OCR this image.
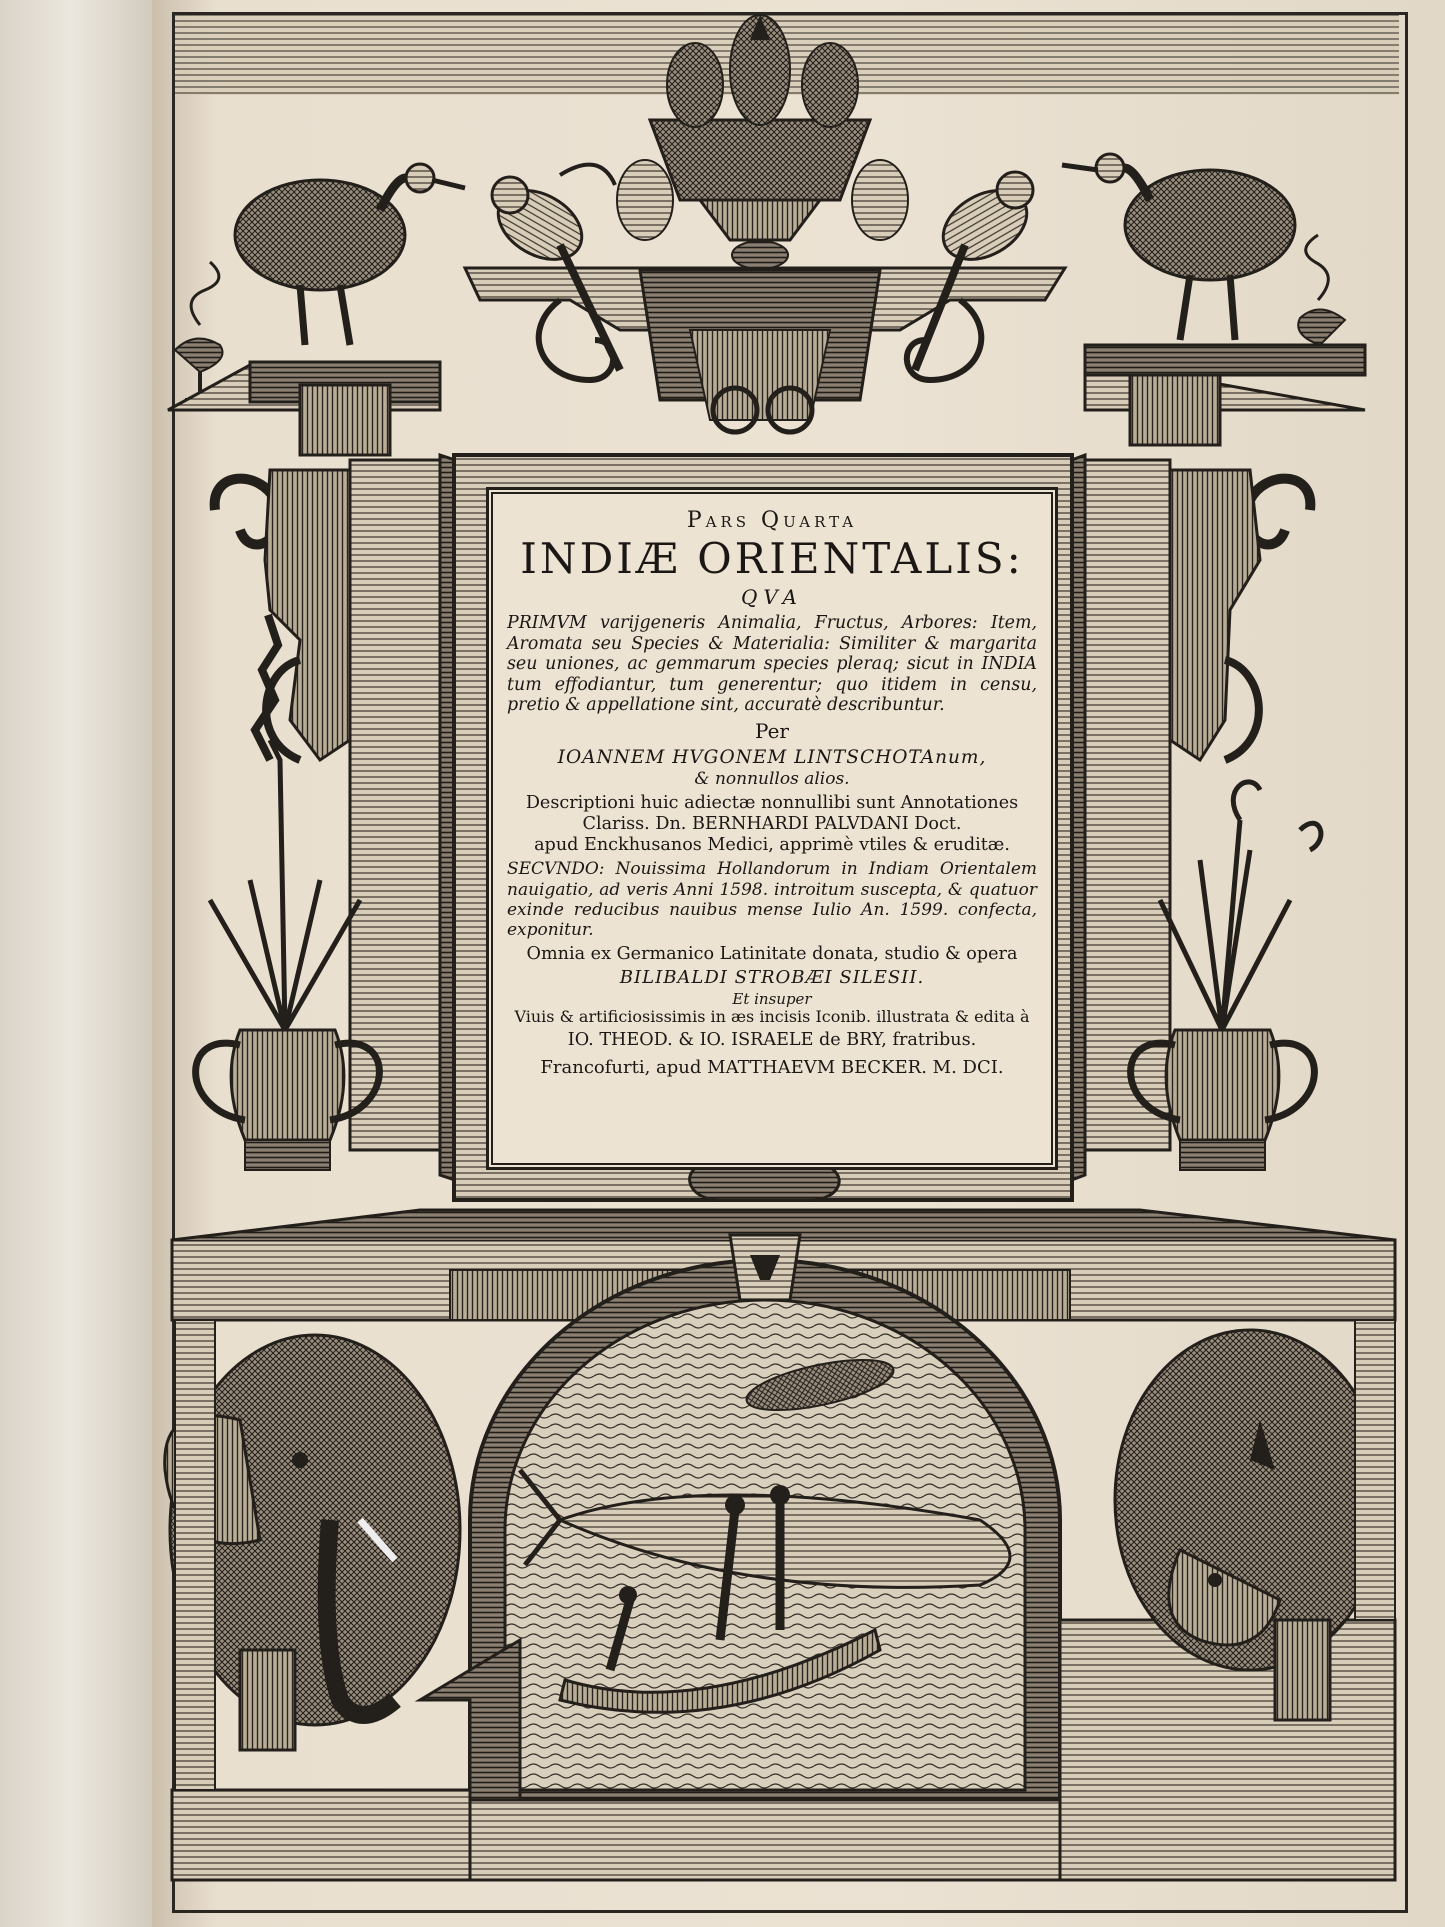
Pars Quarta

INDIÆ ORIENTALIS:

QVA

PRIMVM varijgeneris Animalia, Fructus, Arbores: Item, Aromata seu Species & Materialia: Similiter & margarita seu uniones, ac gemmarum species pleraq; sicut in INDIA tum effodiantur, tum generentur; quo itidem in censu, pretio & appellatione sint, accuratè describuntur.

Per

IOANNEM HVGONEM LINTSCHOTAnum,

& nonnullos alios.

Descriptioni huic adiectæ nonnullibi sunt Annotationes Clariss. Dn. BERNHARDI PALVDANI Doct.

apud Enckhusanos Medici, apprimè vtiles & eruditæ.

SECVNDO: Nouissima Hollandorum in Indiam Orientalem nauigatio, ad veris Anni 1598. introitum suscepta, & quatuor exinde reducibus nauibus mense Iulio An. 1599. confecta, exponitur.

Omnia ex Germanico Latinitate donata, studio & opera

BILIBALDI STROBÆI SILESII.

Et insuper

Viuis & artificiosissimis in æs incisis Iconib. illustrata & edita à

IO. THEOD. & IO. ISRAELE de BRY, fratribus.

Francofurti, apud MATTHAEVM BECKER. M. DCI.
